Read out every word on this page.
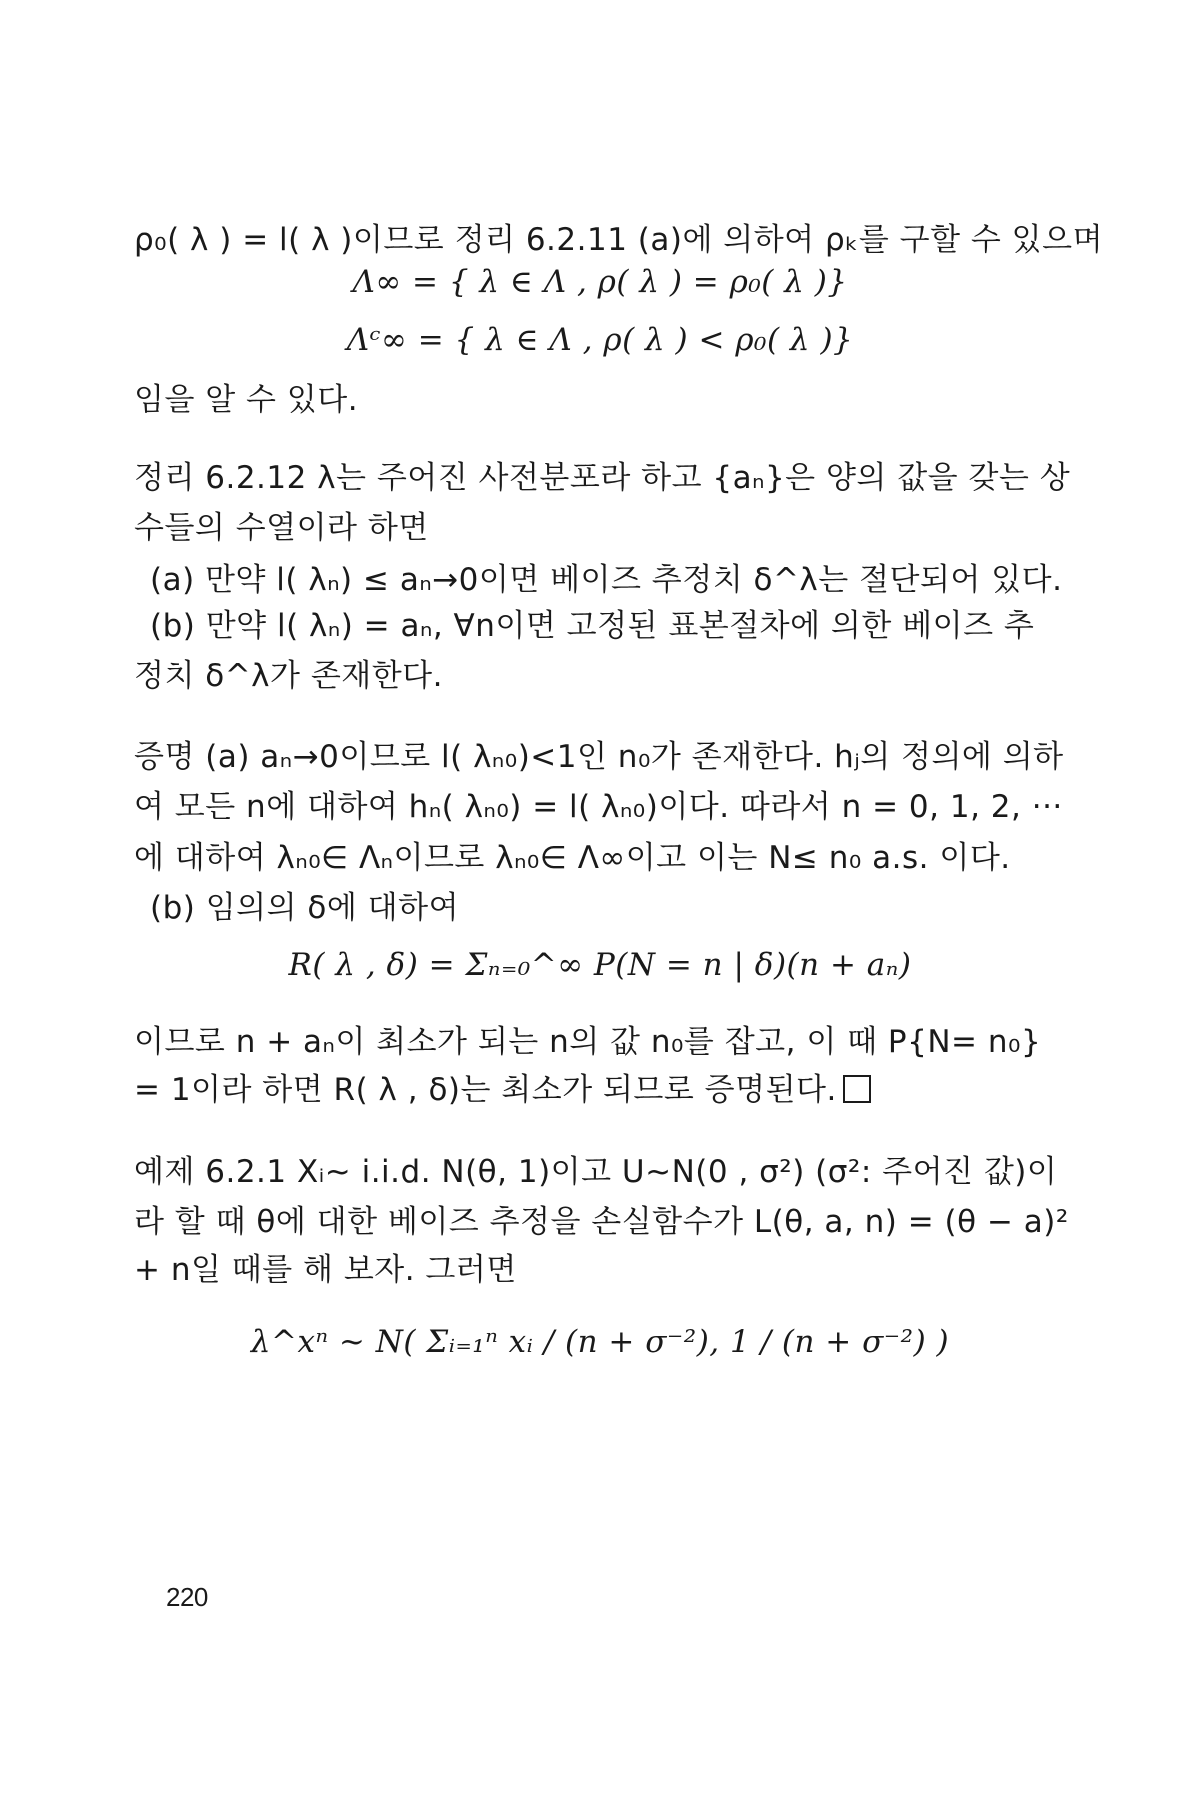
ρ₀( λ ) = l( λ )이므로 정리 6.2.11 (a)에 의하여 ρₖ를 구할 수 있으며
Λ∞ = { λ ∈ Λ , ρ( λ ) = ρ₀( λ )}
Λᶜ∞ = { λ ∈ Λ , ρ( λ ) < ρ₀( λ )}
임을 알 수 있다.
정리 6.2.12 λ는 주어진 사전분포라 하고 {aₙ}은 양의 값을 갖는 상
수들의 수열이라 하면
(a) 만약 l( λₙ) ≤ aₙ→0이면 베이즈 추정치 δ^λ는 절단되어 있다.
(b) 만약 l( λₙ) = aₙ, ∀n이면 고정된 표본절차에 의한 베이즈 추
정치 δ^λ가 존재한다.
증명 (a) aₙ→0이므로 l( λₙ₀)<1인 n₀가 존재한다. hⱼ의 정의에 의하
여 모든 n에 대하여 hₙ( λₙ₀) = l( λₙ₀)이다. 따라서 n = 0, 1, 2, ···
에 대하여 λₙ₀∈ Λₙ이므로 λₙ₀∈ Λ∞이고 이는 N≤ n₀ a.s. 이다.
(b) 임의의 δ에 대하여
R( λ , δ) = Σₙ₌₀^∞ P(N = n | δ)(n + aₙ)
이므로 n + aₙ이 최소가 되는 n의 값 n₀를 잡고, 이 때 P{N= n₀}
= 1이라 하면 R( λ , δ)는 최소가 되므로 증명된다.
예제 6.2.1 Xᵢ~ i.i.d. N(θ, 1)이고 U~N(0 , σ²) (σ²: 주어진 값)이
라 할 때 θ에 대한 베이즈 추정을 손실함수가 L(θ, a, n) = (θ − a)²
+ n일 때를 해 보자. 그러면
λ^xⁿ ~ N( Σᵢ₌₁ⁿ xᵢ / (n + σ⁻²), 1 / (n + σ⁻²) )
220
